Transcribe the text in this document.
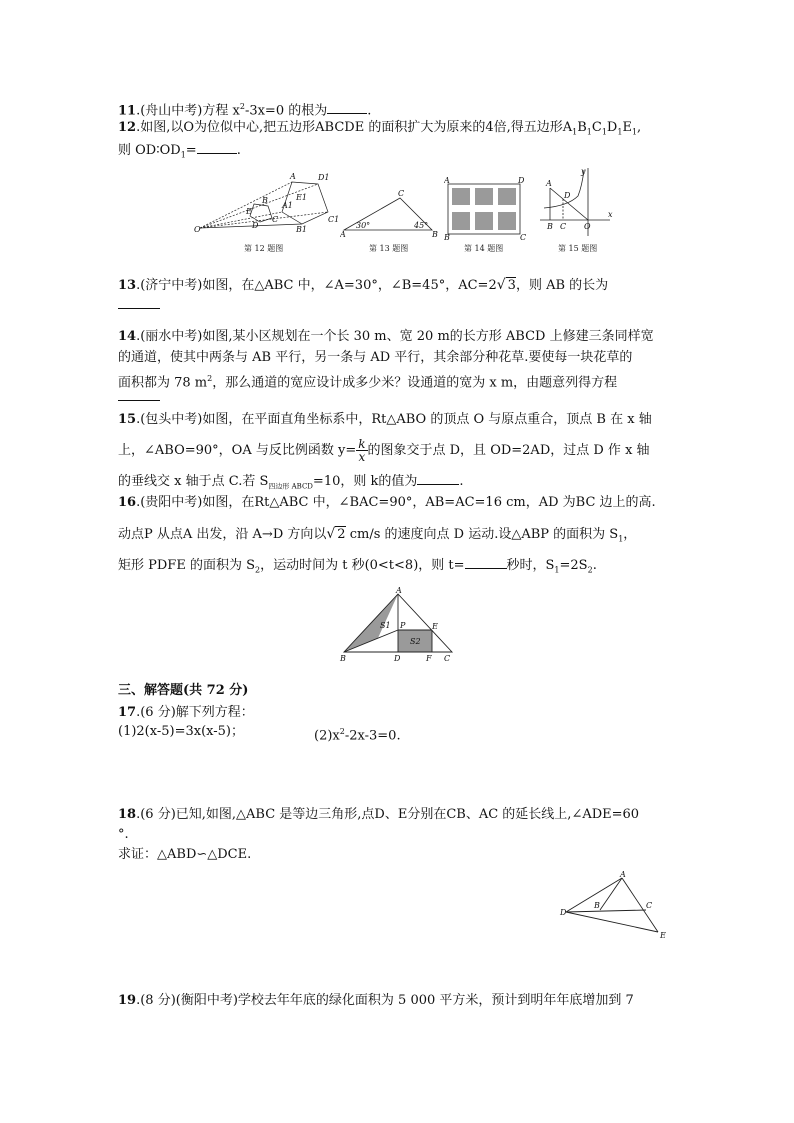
11.(舟山中考)方程 $x^2-3x=0$ 的根为	.
12.如图,以O为位似中心,把五边形ABCDE 的面积扩大为原来的4倍,得五边形$A_1B_1C_1D_1E_1$,
则 $OD∶OD_1=$	.
O
A
B
C
D
E
A1
B1
C1
D1
E1
第 12 题图
A	B
C
30°	45°
第 13 题图
A
B	C
D
第 14 题图
y
x
A
D
B C O
第 15 题图
13.(济宁中考)如图，在△ABC 中，∠A=30°，∠B=45°，AC=2√ 3，则 AB 的长为
14.(丽水中考)如图,某小区规划在一个长 30 m、宽 20 m的长方形 ABCD 上修建三条同样宽
的通道，使其中两条与 AB 平行，另一条与 AD 平行，其余部分种花草.要使每一块花草的
面积都为 78 $m^2$，那么通道的宽应设计成多少米？设通道的宽为 x m，由题意列得方程
15.(包头中考)如图，在平面直角坐标系中，Rt△ABO 的顶点 O 与原点重合，顶点 B 在 x 轴
上，∠ABO=90°，OA 与反比例函数 $y= \frac{k}{x}$的图象交于点 D，且 OD=2AD，过点 D 作 x 轴
的垂线交 x 轴于点 C.若 $S_{四边形 ABCD}=10$，则 k的值为	.
16.(贵阳中考)如图，在Rt△ABC 中，∠BAC=90°，AB=AC=16 cm，AD 为BC 边上的高.
动点P 从点A 出发，沿 A→D 方向以√ 2 cm/s 的速度向点 D 运动.设△ABP 的面积为 $S_1$，
矩形 PDFE 的面积为 $S_2$，运动时间为 t 秒(0<t<8)，则 t=	秒时，$S_1=2S_2$.
A
B	C
D
E
F
P
S1
S2
三、解答题(共 72 分)
17.(6 分)解下列方程：
(1)2(x-5)=3x(x-5)；	$(2)x^2-2x-3=0$.
18.(6 分)已知,如图,△ABC 是等边三角形,点D、E分别在CB、AC 的延长线上,∠ADE=60
°.
求证：△ABD∽△DCE.
A
B	C
D
E
19.(8 分)(衡阳中考)学校去年年底的绿化面积为 5 000 平方米，预计到明年年底增加到 7
